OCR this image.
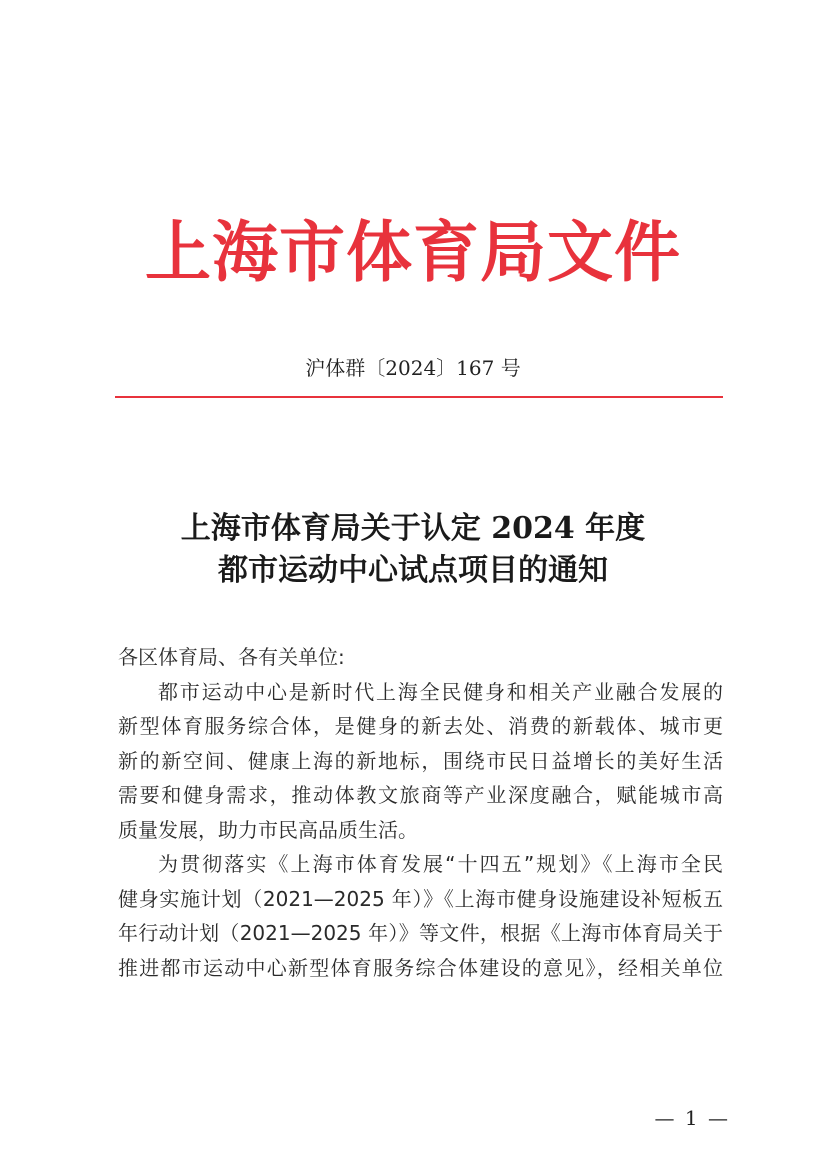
上海市体育局文件
沪体群〔2024〕167 号
上海市体育局关于认定 2024 年度
都市运动中心试点项目的通知

各区体育局、各有关单位:

都市运动中心是新时代上海全民健身和相关产业融合发展的
新型体育服务综合体，是健身的新去处、消费的新载体、城市更
新的新空间、健康上海的新地标，围绕市民日益增长的美好生活
需要和健身需求，推动体教文旅商等产业深度融合，赋能城市高
质量发展，助力市民高品质生活。

为贯彻落实《上海市体育发展“十四五”规划》《上海市全民
健身实施计划（2021—2025 年）》《上海市健身设施建设补短板五
年行动计划（2021—2025 年）》等文件，根据《上海市体育局关于
推进都市运动中心新型体育服务综合体建设的意见》，经相关单位

— 1 —
